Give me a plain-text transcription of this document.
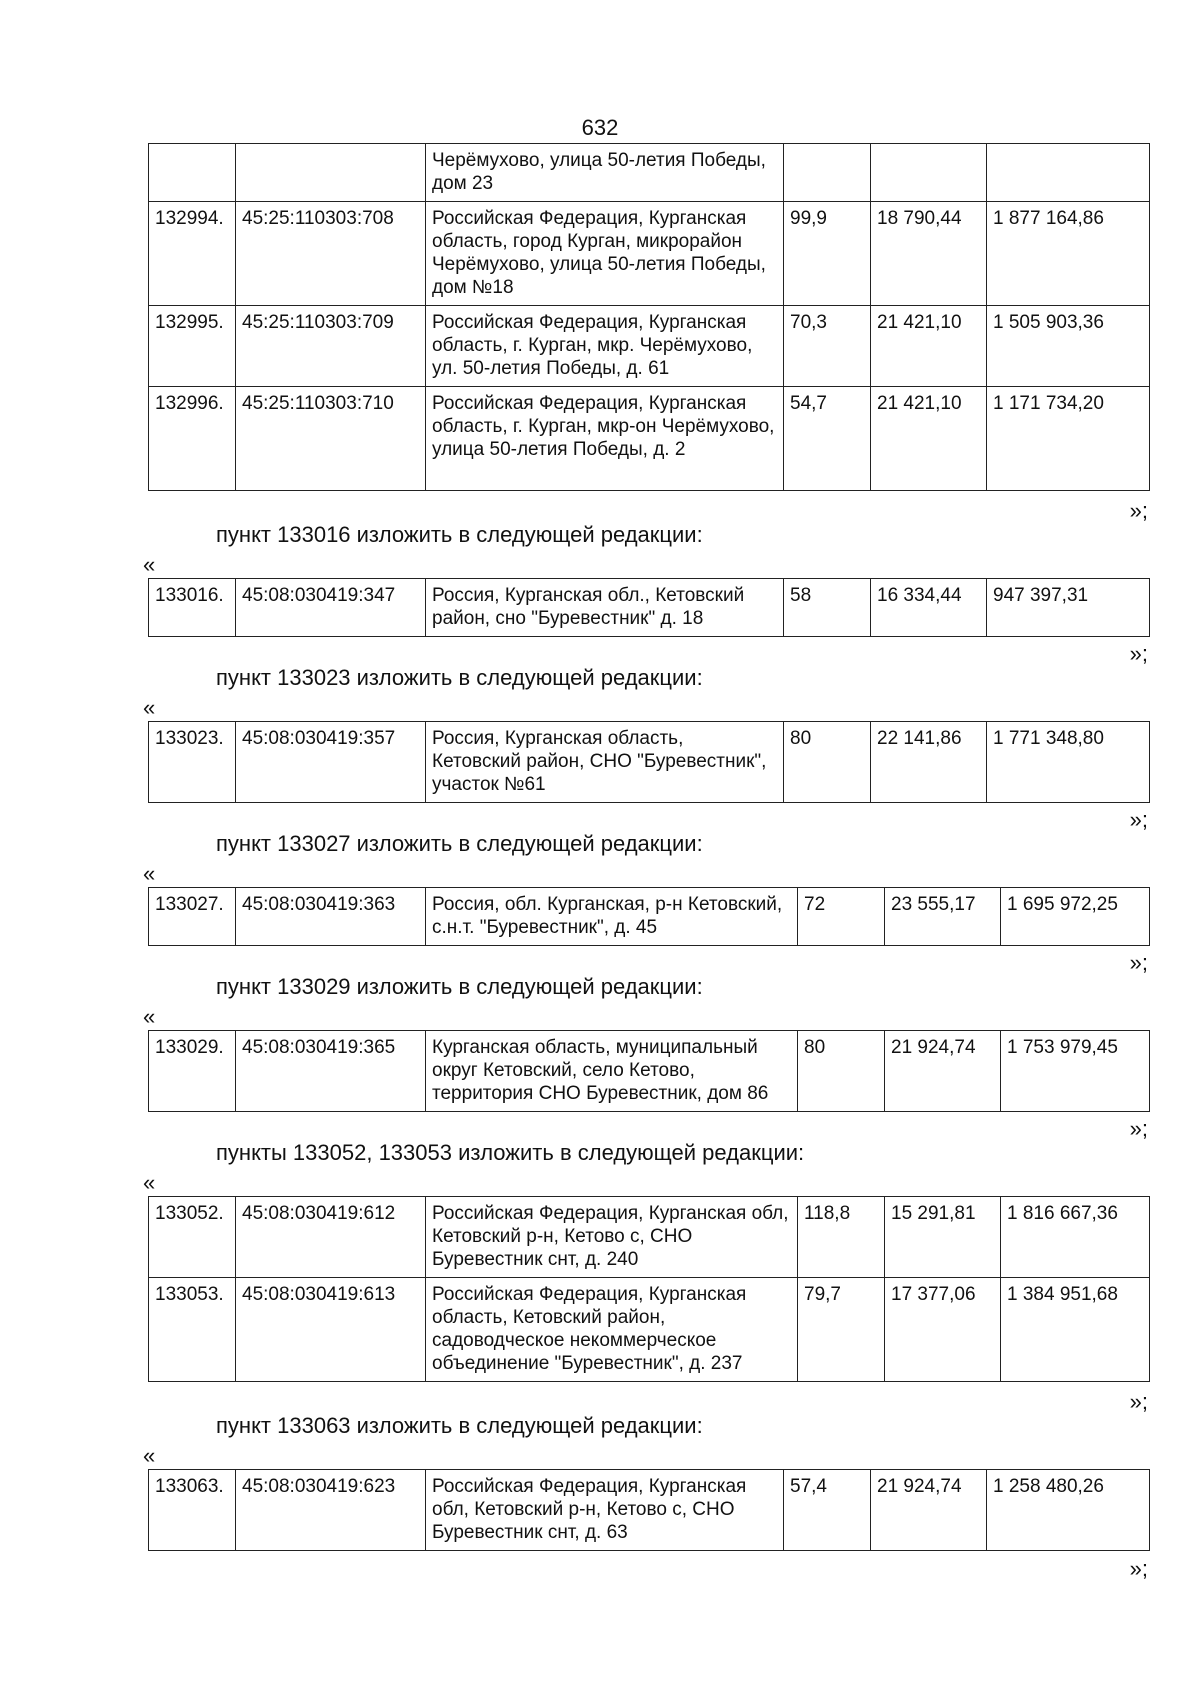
632
		Черёмухово, улица 50-летия Победы, дом 23			
132994.	45:25:110303:708	Российская Федерация, Курганская область, город Курган, микрорайон Черёмухово, улица 50-летия Победы, дом №18	99,9	18 790,44	1 877 164,86
132995.	45:25:110303:709	Российская Федерация, Курганская область, г. Курган, мкр. Черёмухово, ул. 50-летия Победы, д. 61	70,3	21 421,10	1 505 903,36
132996.	45:25:110303:710	Российская Федерация, Курганская область, г. Курган, мкр-он Черёмухово, улица 50-летия Победы, д. 2	54,7	21 421,10	1 171 734,20
»;
пункт 133016 изложить в следующей редакции:
«
133016.	45:08:030419:347	Россия, Курганская обл., Кетовский район, сно "Буревестник" д. 18	58	16 334,44	947 397,31
»;
пункт 133023 изложить в следующей редакции:
«
133023.	45:08:030419:357	Россия, Курганская область, Кетовский район, СНО "Буревестник", участок №61	80	22 141,86	1 771 348,80
»;
пункт 133027 изложить в следующей редакции:
«
133027.	45:08:030419:363	Россия, обл. Курганская, р-н Кетовский, с.н.т. "Буревестник", д. 45	72	23 555,17	1 695 972,25
»;
пункт 133029 изложить в следующей редакции:
«
133029.	45:08:030419:365	Курганская область, муниципальный округ Кетовский, село Кетово, территория СНО Буревестник, дом 86	80	21 924,74	1 753 979,45
»;
пункты 133052, 133053 изложить в следующей редакции:
«
133052.	45:08:030419:612	Российская Федерация, Курганская обл, Кетовский р-н, Кетово с, СНО Буревестник снт, д. 240	118,8	15 291,81	1 816 667,36
133053.	45:08:030419:613	Российская Федерация, Курганская область, Кетовский район, садоводческое некоммерческое объединение "Буревестник", д. 237	79,7	17 377,06	1 384 951,68
»;
пункт 133063 изложить в следующей редакции:
«
133063.	45:08:030419:623	Российская Федерация, Курганская обл, Кетовский р-н, Кетово с, СНО Буревестник снт, д. 63	57,4	21 924,74	1 258 480,26
»;
